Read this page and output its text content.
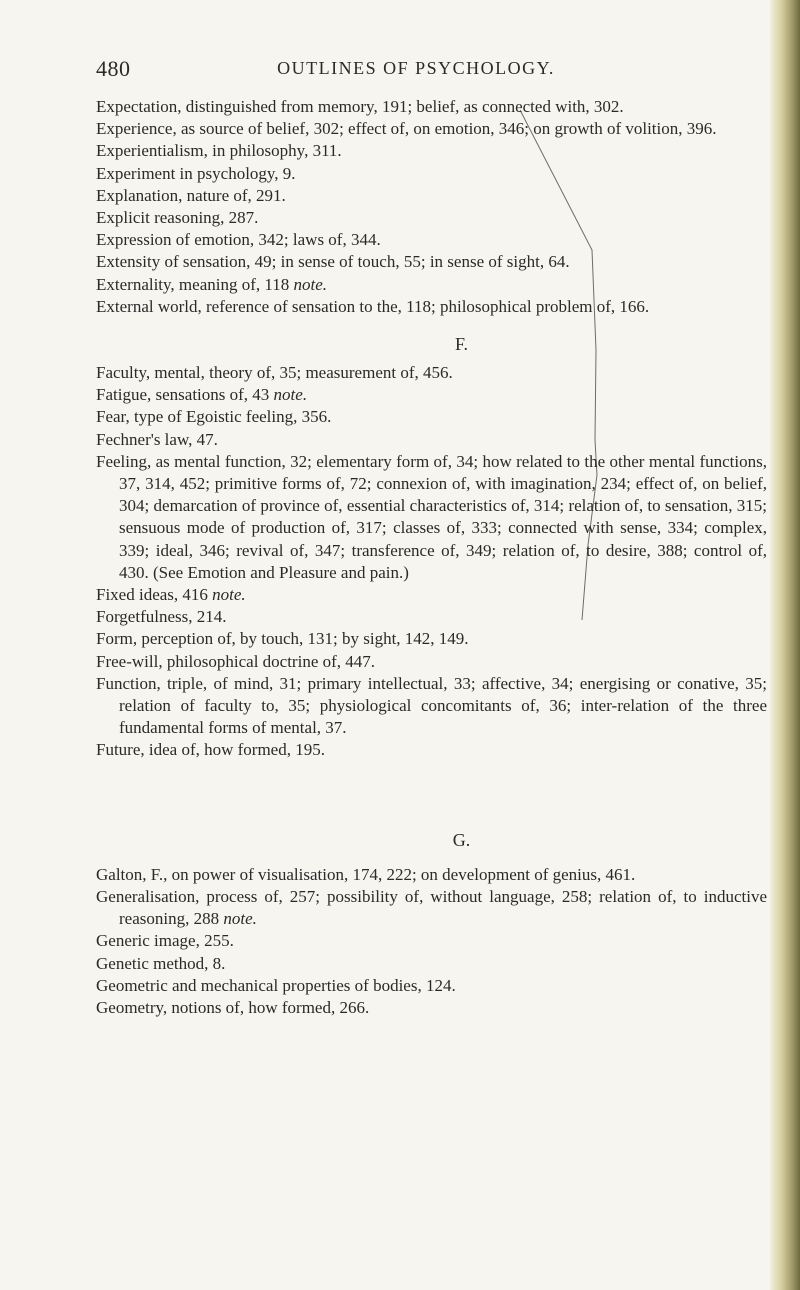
480	OUTLINES OF PSYCHOLOGY.

Expectation, distinguished from memory, 191; belief, as connected with, 302.

Experience, as source of belief, 302; effect of, on emotion, 346; on growth of volition, 396.

Experientialism, in philosophy, 311.

Experiment in psychology, 9.

Explanation, nature of, 291.

Explicit reasoning, 287.

Expression of emotion, 342; laws of, 344.

Extensity of sensation, 49; in sense of touch, 55; in sense of sight, 64.

Externality, meaning of, 118 note.

External world, reference of sensation to the, 118; philosophical problem of, 166.

F.

Faculty, mental, theory of, 35; measurement of, 456.

Fatigue, sensations of, 43 note.

Fear, type of Egoistic feeling, 356.

Fechner's law, 47.

Feeling, as mental function, 32; elementary form of, 34; how related to the other mental functions, 37, 314, 452; primitive forms of, 72; connexion of, with imagination, 234; effect of, on belief, 304; demarcation of province of, essential characteristics of, 314; relation of, to sensation, 315; sensuous mode of production of, 317; classes of, 333; connected with sense, 334; complex, 339; ideal, 346; revival of, 347; transference of, 349; relation of, to desire, 388; control of, 430. (See Emotion and Pleasure and pain.)

Fixed ideas, 416 note.

Forgetfulness, 214.

Form, perception of, by touch, 131; by sight, 142, 149.

Free-will, philosophical doctrine of, 447.

Function, triple, of mind, 31; primary intellectual, 33; affective, 34; energising or conative, 35; relation of faculty to, 35; physiological concomitants of, 36; inter-relation of the three fundamental forms of mental, 37.

Future, idea of, how formed, 195.

G.

Galton, F., on power of visualisation, 174, 222; on development of genius, 461.

Generalisation, process of, 257; possibility of, without language, 258; relation of, to inductive reasoning, 288 note.

Generic image, 255.

Genetic method, 8.

Geometric and mechanical properties of bodies, 124.

Geometry, notions of, how formed, 266.
